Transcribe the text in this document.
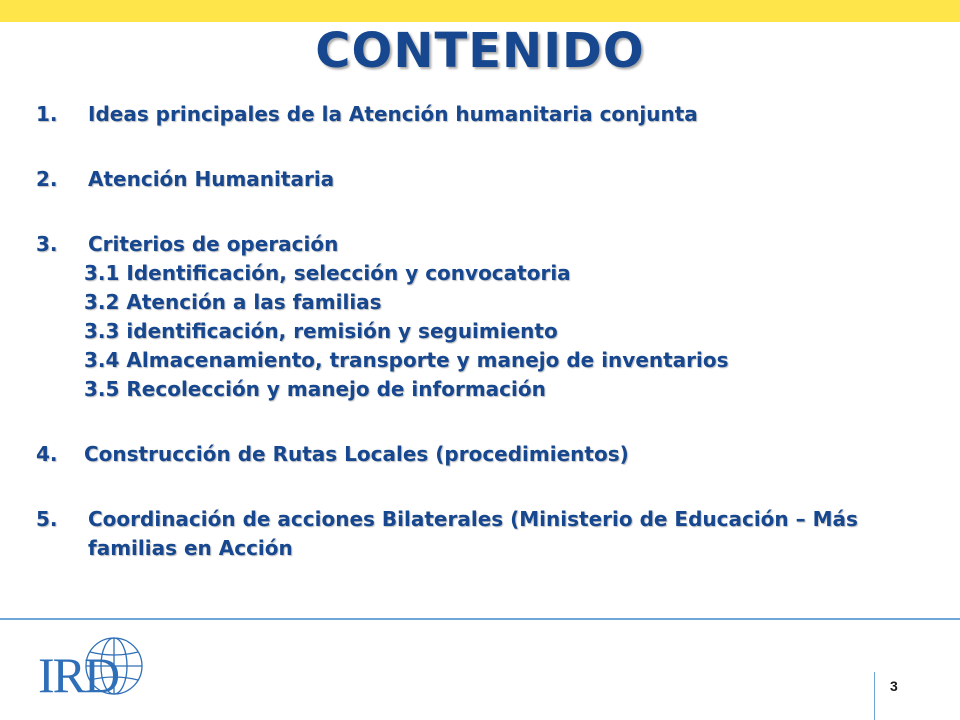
CONTENIDO
1.	Ideas principales de la Atención humanitaria conjunta
2.	Atención Humanitaria
3.	Criterios de operación
3.1 Identificación, selección y convocatoria
3.2 Atención a las familias
3.3 identificación, remisión y seguimiento
3.4 Almacenamiento, transporte y manejo de inventarios
3.5 Recolección y manejo de información
4.	Construcción de Rutas Locales (procedimientos)
5.	Coordinación de acciones Bilaterales (Ministerio de Educación – Más familias en Acción
IRD	3
